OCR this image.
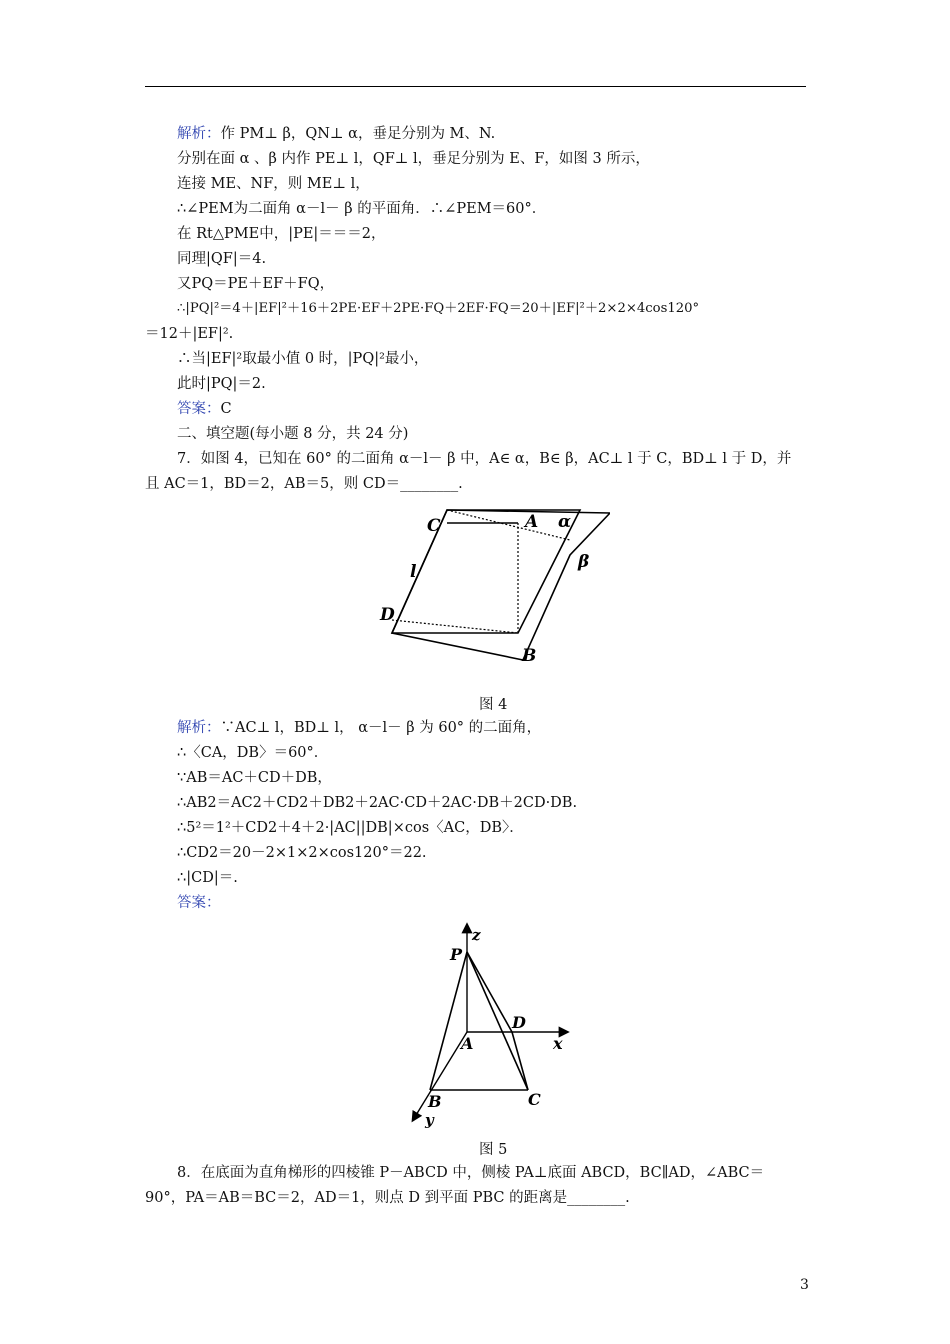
解析：作 PM⊥ β，QN⊥ α，垂足分别为 M、N.
分别在面 α 、β 内作 PE⊥ l，QF⊥ l，垂足分别为 E、F，如图 3 所示，
连接 ME、NF，则 ME⊥ l，
∴∠PEM为二面角 α－l－ β 的平面角．∴∠PEM＝60°．
在 Rt△PME中，|PE|＝＝＝2，
同理|QF|＝4.
又PQ＝PE＋EF＋FQ，
∴|PQ|²＝4＋|EF|²＋16＋2PE·EF＋2PE·FQ＋2EF·FQ＝20＋|EF|²＋2×2×4cos120°
＝12＋|EF|².
∴当|EF|²取最小值 0 时，|PQ|²最小，
此时|PQ|＝2.
答案：C
二、填空题(每小题 8 分，共 24 分)
7．如图 4，已知在 60° 的二面角 α－l－ β 中，A∈ α，B∈ β，AC⊥ l 于 C，BD⊥ l 于 D，并
且 AC＝1，BD＝2，AB＝5，则 CD＝________.
C	A α
β
l
D
B
图 4
解析：∵AC⊥ l，BD⊥ l， α－l－ β 为 60° 的二面角，
∴〈CA，DB〉＝60°．
∵AB＝AC＋CD＋DB，
∴AB2＝AC2＋CD2＋DB2＋2AC·CD＋2AC·DB＋2CD·DB.
∴5²＝1²＋CD2＋4＋2·|AC||DB|×cos〈AC，DB〉．
∴CD2＝20－2×1×2×cos120°＝22.
∴|CD|＝.
答案：
z
P
D
A	x
B	C
y
图 5
8．在底面为直角梯形的四棱锥 P－ABCD 中，侧棱 PA⊥底面 ABCD，BC∥AD，∠ABC＝
90°，PA＝AB＝BC＝2，AD＝1，则点 D 到平面 PBC 的距离是________.
3
